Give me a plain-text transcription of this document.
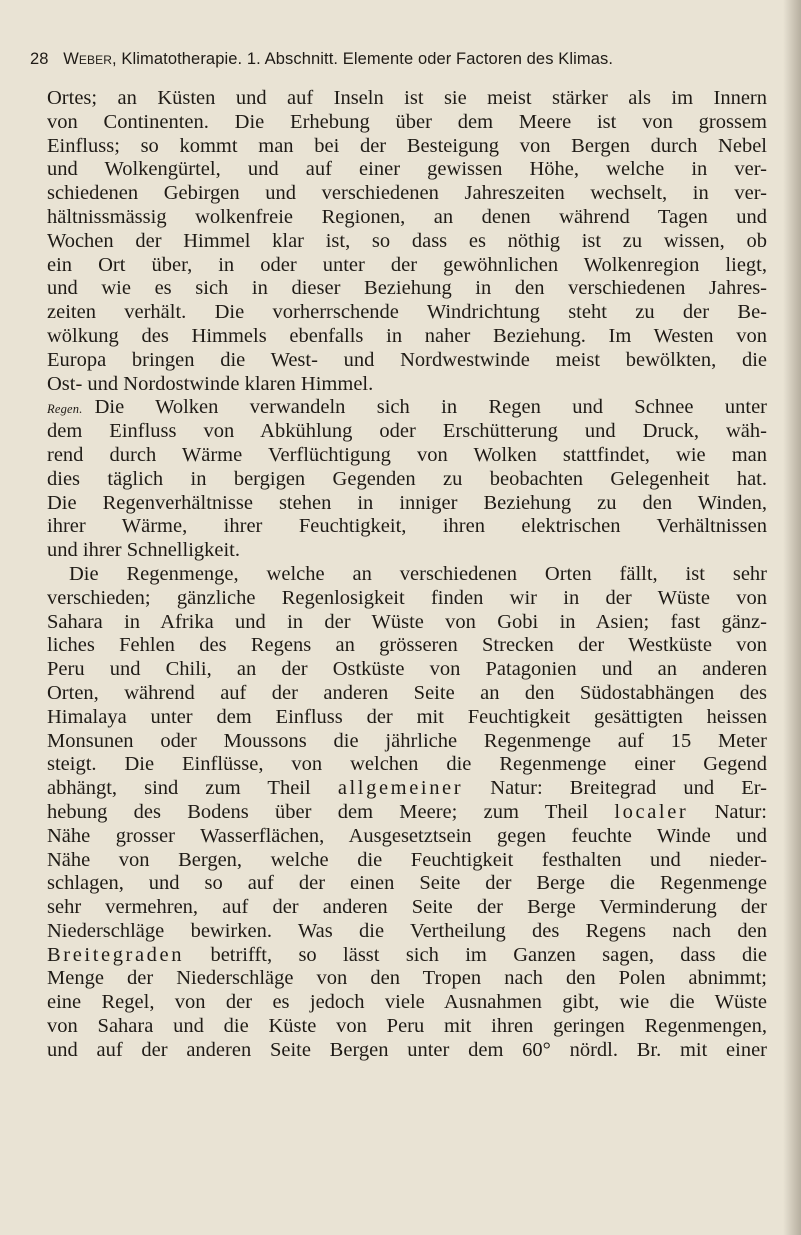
28 Weber, Klimatotherapie. 1. Abschnitt. Elemente oder Factoren des Klimas.
Ortes; an Küsten und auf Inseln ist sie meist stärker als im Innern
von Continenten. Die Erhebung über dem Meere ist von grossem
Einfluss; so kommt man bei der Besteigung von Bergen durch Nebel
und Wolkengürtel, und auf einer gewissen Höhe, welche in ver-
schiedenen Gebirgen und verschiedenen Jahreszeiten wechselt, in ver-
hältnissmässig wolkenfreie Regionen, an denen während Tagen und
Wochen der Himmel klar ist, so dass es nöthig ist zu wissen, ob
ein Ort über, in oder unter der gewöhnlichen Wolkenregion liegt,
und wie es sich in dieser Beziehung in den verschiedenen Jahres-
zeiten verhält. Die vorherrschende Windrichtung steht zu der Be-
wölkung des Himmels ebenfalls in naher Beziehung. Im Westen von
Europa bringen die West- und Nordwestwinde meist bewölkten, die
Ost- und Nordostwinde klaren Himmel.
Regen. Die Wolken verwandeln sich in Regen und Schnee unter
dem Einfluss von Abkühlung oder Erschütterung und Druck, wäh-
rend durch Wärme Verflüchtigung von Wolken stattfindet, wie man
dies täglich in bergigen Gegenden zu beobachten Gelegenheit hat.
Die Regenverhältnisse stehen in inniger Beziehung zu den Winden,
ihrer Wärme, ihrer Feuchtigkeit, ihren elektrischen Verhältnissen
und ihrer Schnelligkeit.
Die Regenmenge, welche an verschiedenen Orten fällt, ist sehr
verschieden; gänzliche Regenlosigkeit finden wir in der Wüste von
Sahara in Afrika und in der Wüste von Gobi in Asien; fast gänz-
liches Fehlen des Regens an grösseren Strecken der Westküste von
Peru und Chili, an der Ostküste von Patagonien und an anderen
Orten, während auf der anderen Seite an den Südostabhängen des
Himalaya unter dem Einfluss der mit Feuchtigkeit gesättigten heissen
Monsunen oder Moussons die jährliche Regenmenge auf 15 Meter
steigt. Die Einflüsse, von welchen die Regenmenge einer Gegend
abhängt, sind zum Theil allgemeiner Natur: Breitegrad und Er-
hebung des Bodens über dem Meere; zum Theil localer Natur:
Nähe grosser Wasserflächen, Ausgesetztsein gegen feuchte Winde und
Nähe von Bergen, welche die Feuchtigkeit festhalten und nieder-
schlagen, und so auf der einen Seite der Berge die Regenmenge
sehr vermehren, auf der anderen Seite der Berge Verminderung der
Niederschläge bewirken. Was die Vertheilung des Regens nach den
Breitegraden betrifft, so lässt sich im Ganzen sagen, dass die
Menge der Niederschläge von den Tropen nach den Polen abnimmt;
eine Regel, von der es jedoch viele Ausnahmen gibt, wie die Wüste
von Sahara und die Küste von Peru mit ihren geringen Regenmengen,
und auf der anderen Seite Bergen unter dem 60° nördl. Br. mit einer
